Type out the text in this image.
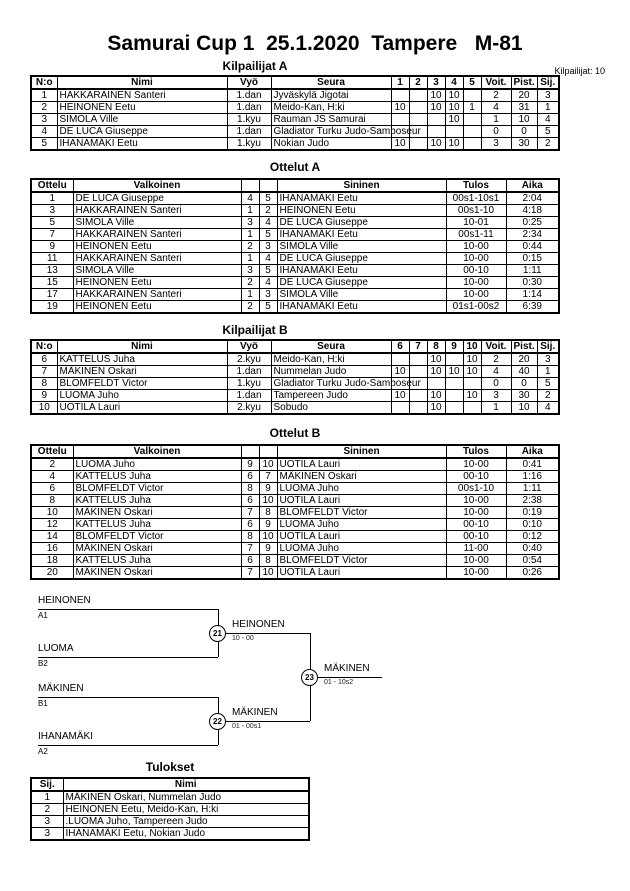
Samurai Cup 1  25.1.2020  Tampere   M-81
Kilpailijat: 10
Kilpailijat A
N:o	Nimi	Vyö	Seura	1	2	3	4	5	Voit.	Pist.	Sij.
1	HAKKARAINEN Santeri	1.dan	Jyväskylä Jigotai			10	10		2	20	3
2	HEINONEN Eetu	1.dan	Meido-Kan, H:ki	10		10	10	1	4	31	1
3	SIMOLA Ville	1.kyu	Rauman JS Samurai				10		1	10	4
4	DE LUCA Giuseppe	1.dan	Gladiator Turku Judo-Samboseur						0	0	5
5	IHANAMÄKI Eetu	1.kyu	Nokian Judo	10		10	10		3	30	2
Ottelut A
Ottelu	Valkoinen			Sininen	Tulos	Aika
1	DE LUCA Giuseppe	4	5	IHANAMÄKI Eetu	00s1-10s1	2:04
3	HAKKARAINEN Santeri	1	2	HEINONEN Eetu	00s1-10	4:18
5	SIMOLA Ville	3	4	DE LUCA Giuseppe	10-01	0:25
7	HAKKARAINEN Santeri	1	5	IHANAMÄKI Eetu	00s1-11	2:34
9	HEINONEN Eetu	2	3	SIMOLA Ville	10-00	0:44
11	HAKKARAINEN Santeri	1	4	DE LUCA Giuseppe	10-00	0:15
13	SIMOLA Ville	3	5	IHANAMÄKI Eetu	00-10	1:11
15	HEINONEN Eetu	2	4	DE LUCA Giuseppe	10-00	0:30
17	HAKKARAINEN Santeri	1	3	SIMOLA Ville	10-00	1:14
19	HEINONEN Eetu	2	5	IHANAMÄKI Eetu	01s1-00s2	6:39
Kilpailijat B
N:o	Nimi	Vyö	Seura	6	7	8	9	10	Voit.	Pist.	Sij.
6	KATTELUS Juha	2.kyu	Meido-Kan, H:ki			10		10	2	20	3
7	MÄKINEN Oskari	1.dan	Nummelan Judo	10		10	10	10	4	40	1
8	BLOMFELDT Victor	1.kyu	Gladiator Turku Judo-Samboseur						0	0	5
9	LUOMA Juho	1.dan	Tampereen Judo	10		10		10	3	30	2
10	UOTILA Lauri	2.kyu	Sobudo			10			1	10	4
Ottelut B
Ottelu	Valkoinen			Sininen	Tulos	Aika
2	LUOMA Juho	9	10	UOTILA Lauri	10-00	0:41
4	KATTELUS Juha	6	7	MÄKINEN Oskari	00-10	1:16
6	BLOMFELDT Victor	8	9	LUOMA Juho	00s1-10	1:11
8	KATTELUS Juha	6	10	UOTILA Lauri	10-00	2:38
10	MÄKINEN Oskari	7	8	BLOMFELDT Victor	10-00	0:19
12	KATTELUS Juha	6	9	LUOMA Juho	00-10	0:10
14	BLOMFELDT Victor	8	10	UOTILA Lauri	00-10	0:12
16	MÄKINEN Oskari	7	9	LUOMA Juho	11-00	0:40
18	KATTELUS Juha	6	8	BLOMFELDT Victor	10-00	0:54
20	MÄKINEN Oskari	7	10	UOTILA Lauri	10-00	0:26
HEINONEN
A1
LUOMA
B2
21
HEINONEN
10 - 00
23
MÄKINEN
01 - 10s2
MÄKINEN
B1
IHANAMÄKI
A2
22
MÄKINEN
01 - 00s1
Tulokset
Sij.	Nimi
1	MÄKINEN Oskari, Nummelan Judo
2	HEINONEN Eetu, Meido-Kan, H:ki
3	.LUOMA Juho, Tampereen Judo
3	IHANAMÄKI Eetu, Nokian Judo
